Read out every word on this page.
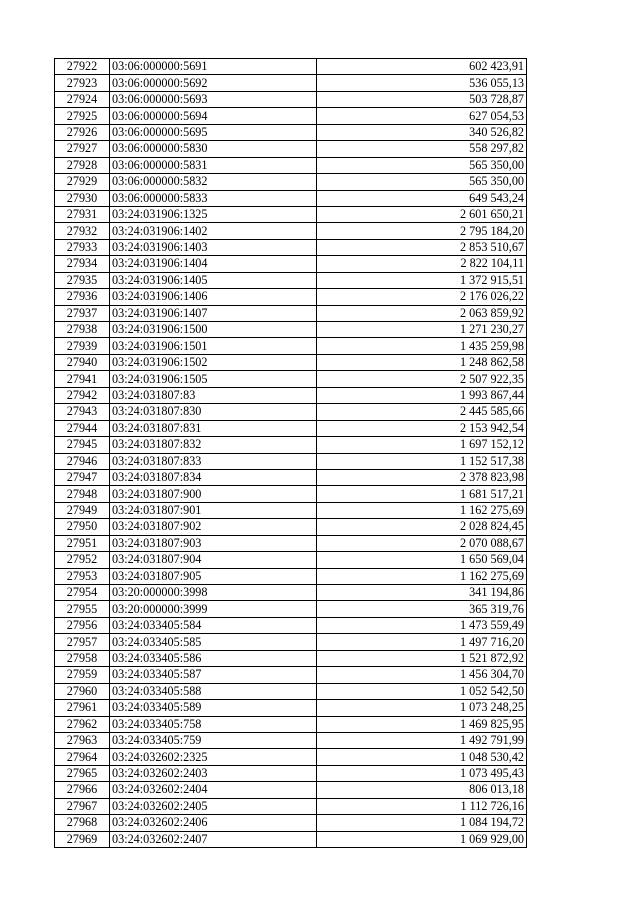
27922	03:06:000000:5691	602 423,91
27923	03:06:000000:5692	536 055,13
27924	03:06:000000:5693	503 728,87
27925	03:06:000000:5694	627 054,53
27926	03:06:000000:5695	340 526,82
27927	03:06:000000:5830	558 297,82
27928	03:06:000000:5831	565 350,00
27929	03:06:000000:5832	565 350,00
27930	03:06:000000:5833	649 543,24
27931	03:24:031906:1325	2 601 650,21
27932	03:24:031906:1402	2 795 184,20
27933	03:24:031906:1403	2 853 510,67
27934	03:24:031906:1404	2 822 104,11
27935	03:24:031906:1405	1 372 915,51
27936	03:24:031906:1406	2 176 026,22
27937	03:24:031906:1407	2 063 859,92
27938	03:24:031906:1500	1 271 230,27
27939	03:24:031906:1501	1 435 259,98
27940	03:24:031906:1502	1 248 862,58
27941	03:24:031906:1505	2 507 922,35
27942	03:24:031807:83	1 993 867,44
27943	03:24:031807:830	2 445 585,66
27944	03:24:031807:831	2 153 942,54
27945	03:24:031807:832	1 697 152,12
27946	03:24:031807:833	1 152 517,38
27947	03:24:031807:834	2 378 823,98
27948	03:24:031807:900	1 681 517,21
27949	03:24:031807:901	1 162 275,69
27950	03:24:031807:902	2 028 824,45
27951	03:24:031807:903	2 070 088,67
27952	03:24:031807:904	1 650 569,04
27953	03:24:031807:905	1 162 275,69
27954	03:20:000000:3998	341 194,86
27955	03:20:000000:3999	365 319,76
27956	03:24:033405:584	1 473 559,49
27957	03:24:033405:585	1 497 716,20
27958	03:24:033405:586	1 521 872,92
27959	03:24:033405:587	1 456 304,70
27960	03:24:033405:588	1 052 542,50
27961	03:24:033405:589	1 073 248,25
27962	03:24:033405:758	1 469 825,95
27963	03:24:033405:759	1 492 791,99
27964	03:24:032602:2325	1 048 530,42
27965	03:24:032602:2403	1 073 495,43
27966	03:24:032602:2404	806 013,18
27967	03:24:032602:2405	1 112 726,16
27968	03:24:032602:2406	1 084 194,72
27969	03:24:032602:2407	1 069 929,00
